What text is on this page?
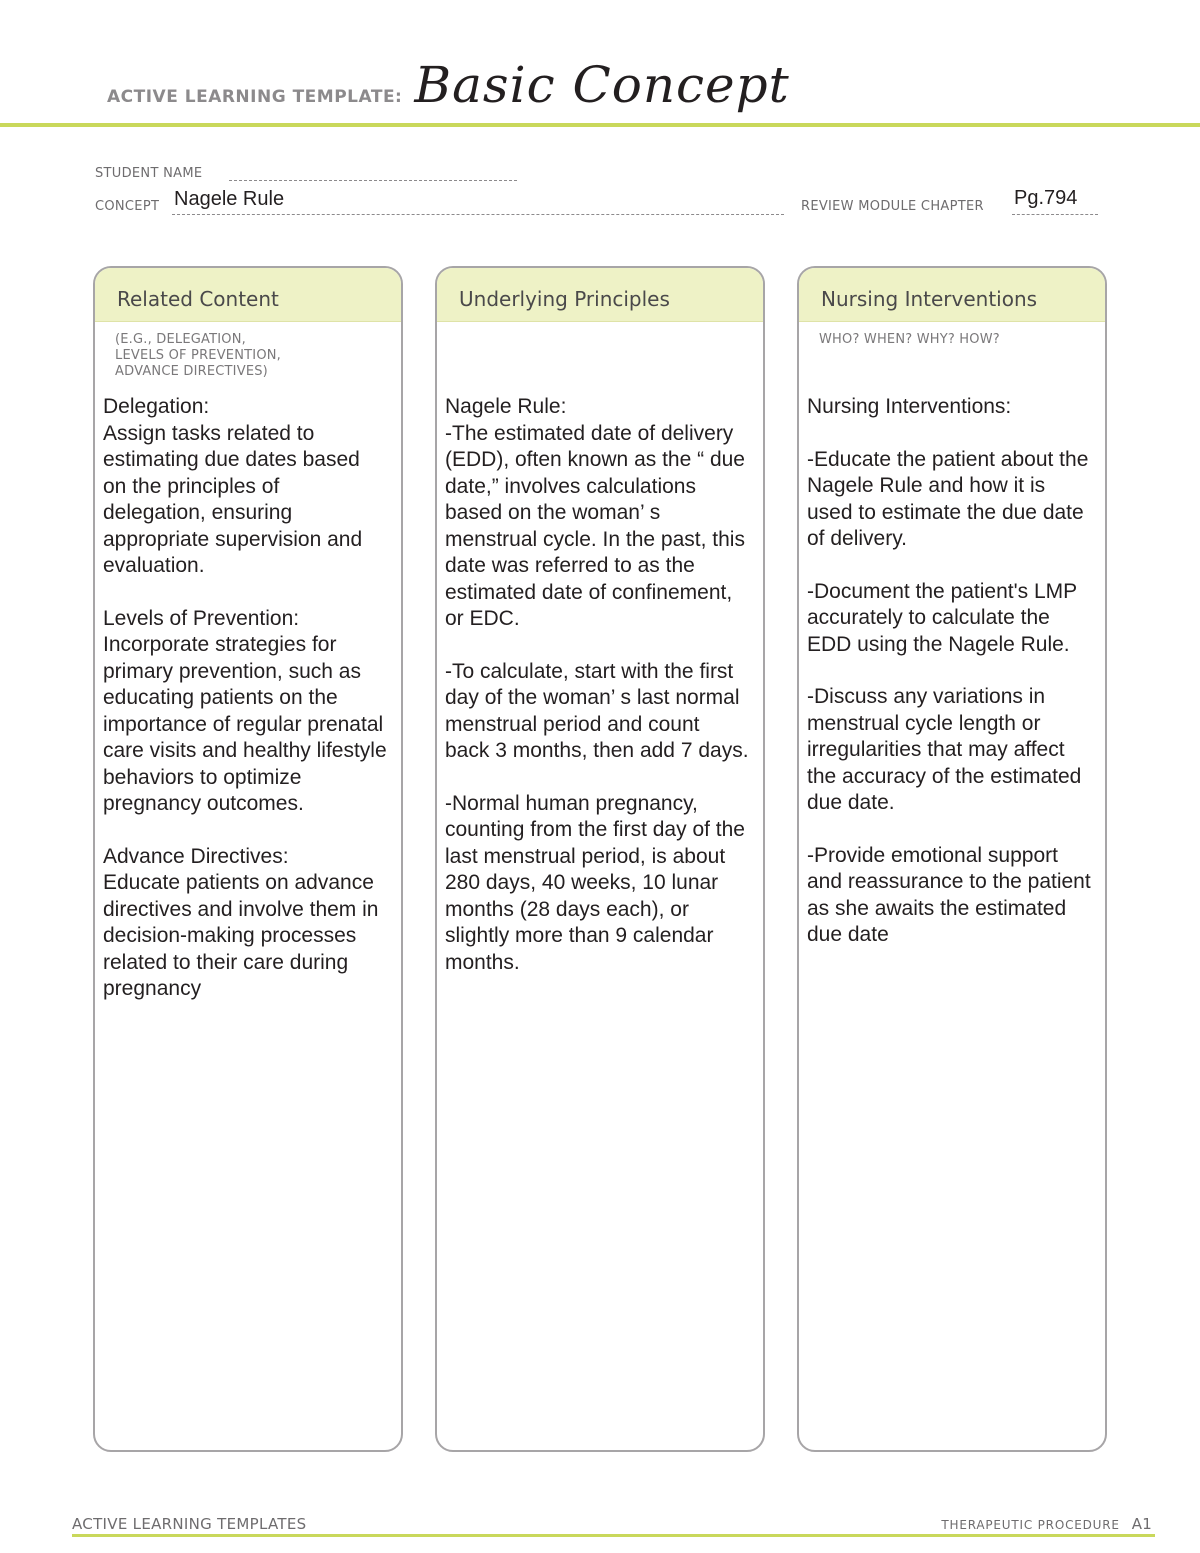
ACTIVE LEARNING TEMPLATE: Basic Concept
STUDENT NAME
CONCEPT Nagele Rule	REVIEW MODULE CHAPTER Pg.794
Related Content
(E.G., DELEGATION,
LEVELS OF PREVENTION,
ADVANCE DIRECTIVES)

Delegation:
Assign tasks related to estimating due dates based on the principles of delegation, ensuring appropriate supervision and evaluation.

Levels of Prevention:
Incorporate strategies for primary prevention, such as educating patients on the importance of regular prenatal care visits and healthy lifestyle behaviors to optimize pregnancy outcomes.

Advance Directives:
Educate patients on advance directives and involve them in decision-making processes related to their care during pregnancy

Underlying Principles

Nagele Rule:
-The estimated date of delivery (EDD), often known as the “ due date,” involves calculations based on the woman’ s menstrual cycle. In the past, this date was referred to as the estimated date of confinement, or EDC.

-To calculate, start with the first day of the woman’ s last normal menstrual period and count back 3 months, then add 7 days.

-Normal human pregnancy, counting from the first day of the last menstrual period, is about 280 days, 40 weeks, 10 lunar months (28 days each), or slightly more than 9 calendar months.

Nursing Interventions
WHO? WHEN? WHY? HOW?

Nursing Interventions:

-Educate the patient about the Nagele Rule and how it is used to estimate the due date of delivery.

-Document the patient's LMP accurately to calculate the EDD using the Nagele Rule.

-Discuss any variations in menstrual cycle length or irregularities that may affect the accuracy of the estimated due date.

-Provide emotional support and reassurance to the patient as she awaits the estimated due date

ACTIVE LEARNING TEMPLATES	THERAPEUTIC PROCEDURE A1
